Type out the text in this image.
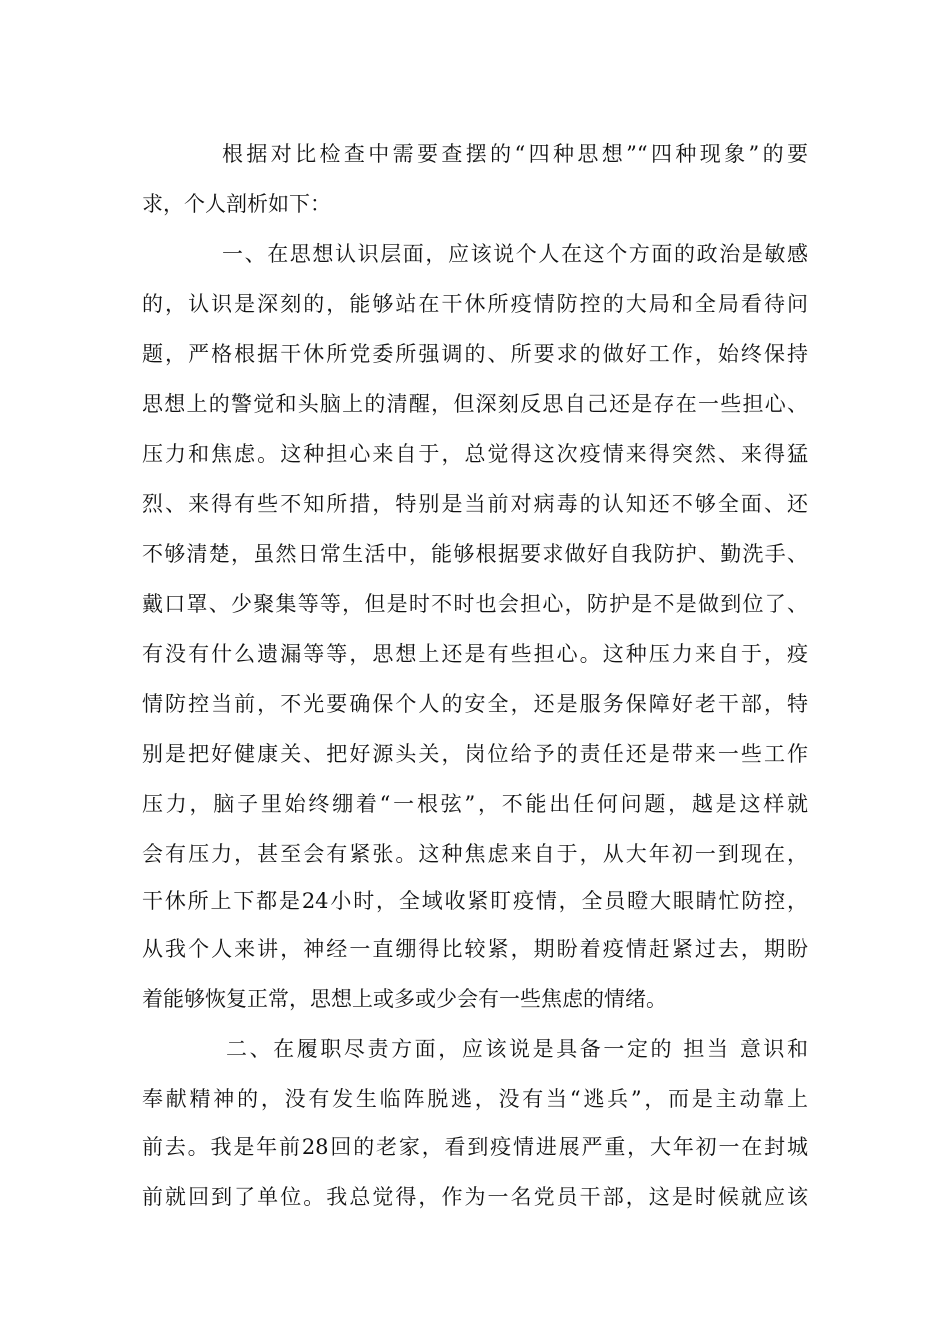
根据对比检查中需要查摆的“四种思想”“四种现象”的要
求，个人剖析如下：
一、在思想认识层面，应该说个人在这个方面的政治是敏感
的，认识是深刻的，能够站在干休所疫情防控的大局和全局看待问
题，严格根据干休所党委所强调的、所要求的做好工作，始终保持
思想上的警觉和头脑上的清醒，但深刻反思自己还是存在一些担心、
压力和焦虑。这种担心来自于，总觉得这次疫情来得突然、来得猛
烈、来得有些不知所措，特别是当前对病毒的认知还不够全面、还
不够清楚，虽然日常生活中，能够根据要求做好自我防护、勤洗手、
戴口罩、少聚集等等，但是时不时也会担心，防护是不是做到位了、
有没有什么遗漏等等，思想上还是有些担心。这种压力来自于，疫
情防控当前，不光要确保个人的安全，还是服务保障好老干部，特
别是把好健康关、把好源头关，岗位给予的责任还是带来一些工作
压力，脑子里始终绷着“一根弦”，不能出任何问题，越是这样就
会有压力，甚至会有紧张。这种焦虑来自于，从大年初一到现在，
干休所上下都是24小时，全域收紧盯疫情，全员瞪大眼睛忙防控，
从我个人来讲，神经一直绷得比较紧，期盼着疫情赶紧过去，期盼
着能够恢复正常，思想上或多或少会有一些焦虑的情绪。
二、在履职尽责方面，应该说是具备一定的 担当 意识和
奉献精神的，没有发生临阵脱逃，没有当“逃兵”，而是主动靠上
前去。我是年前28回的老家，看到疫情进展严重，大年初一在封城
前就回到了单位。我总觉得，作为一名党员干部，这是时候就应该
